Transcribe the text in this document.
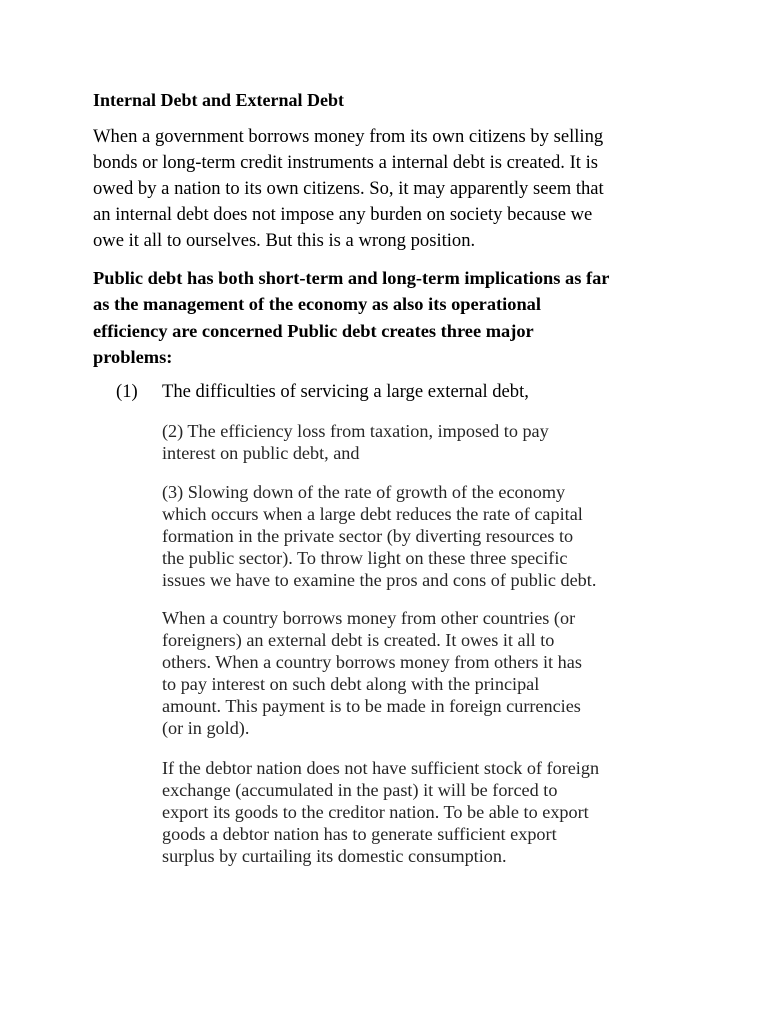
Internal Debt and External Debt
When a government borrows money from its own citizens by selling
bonds or long-term credit instruments a internal debt is created. It is
owed by a nation to its own citizens. So, it may apparently seem that
an internal debt does not impose any burden on society because we
owe it all to ourselves. But this is a wrong position.
Public debt has both short-term and long-term implications as far
as the management of the economy as also its operational
efficiency are concerned Public debt creates three major
problems:
(1) The difficulties of servicing a large external debt,
(2) The efficiency loss from taxation, imposed to pay
interest on public debt, and
(3) Slowing down of the rate of growth of the economy
which occurs when a large debt reduces the rate of capital
formation in the private sector (by diverting resources to
the public sector). To throw light on these three specific
issues we have to examine the pros and cons of public debt.
When a country borrows money from other countries (or
foreigners) an external debt is created. It owes it all to
others. When a country borrows money from others it has
to pay interest on such debt along with the principal
amount. This payment is to be made in foreign currencies
(or in gold).
If the debtor nation does not have sufficient stock of foreign
exchange (accumulated in the past) it will be forced to
export its goods to the creditor nation. To be able to export
goods a debtor nation has to generate sufficient export
surplus by curtailing its domestic consumption.
